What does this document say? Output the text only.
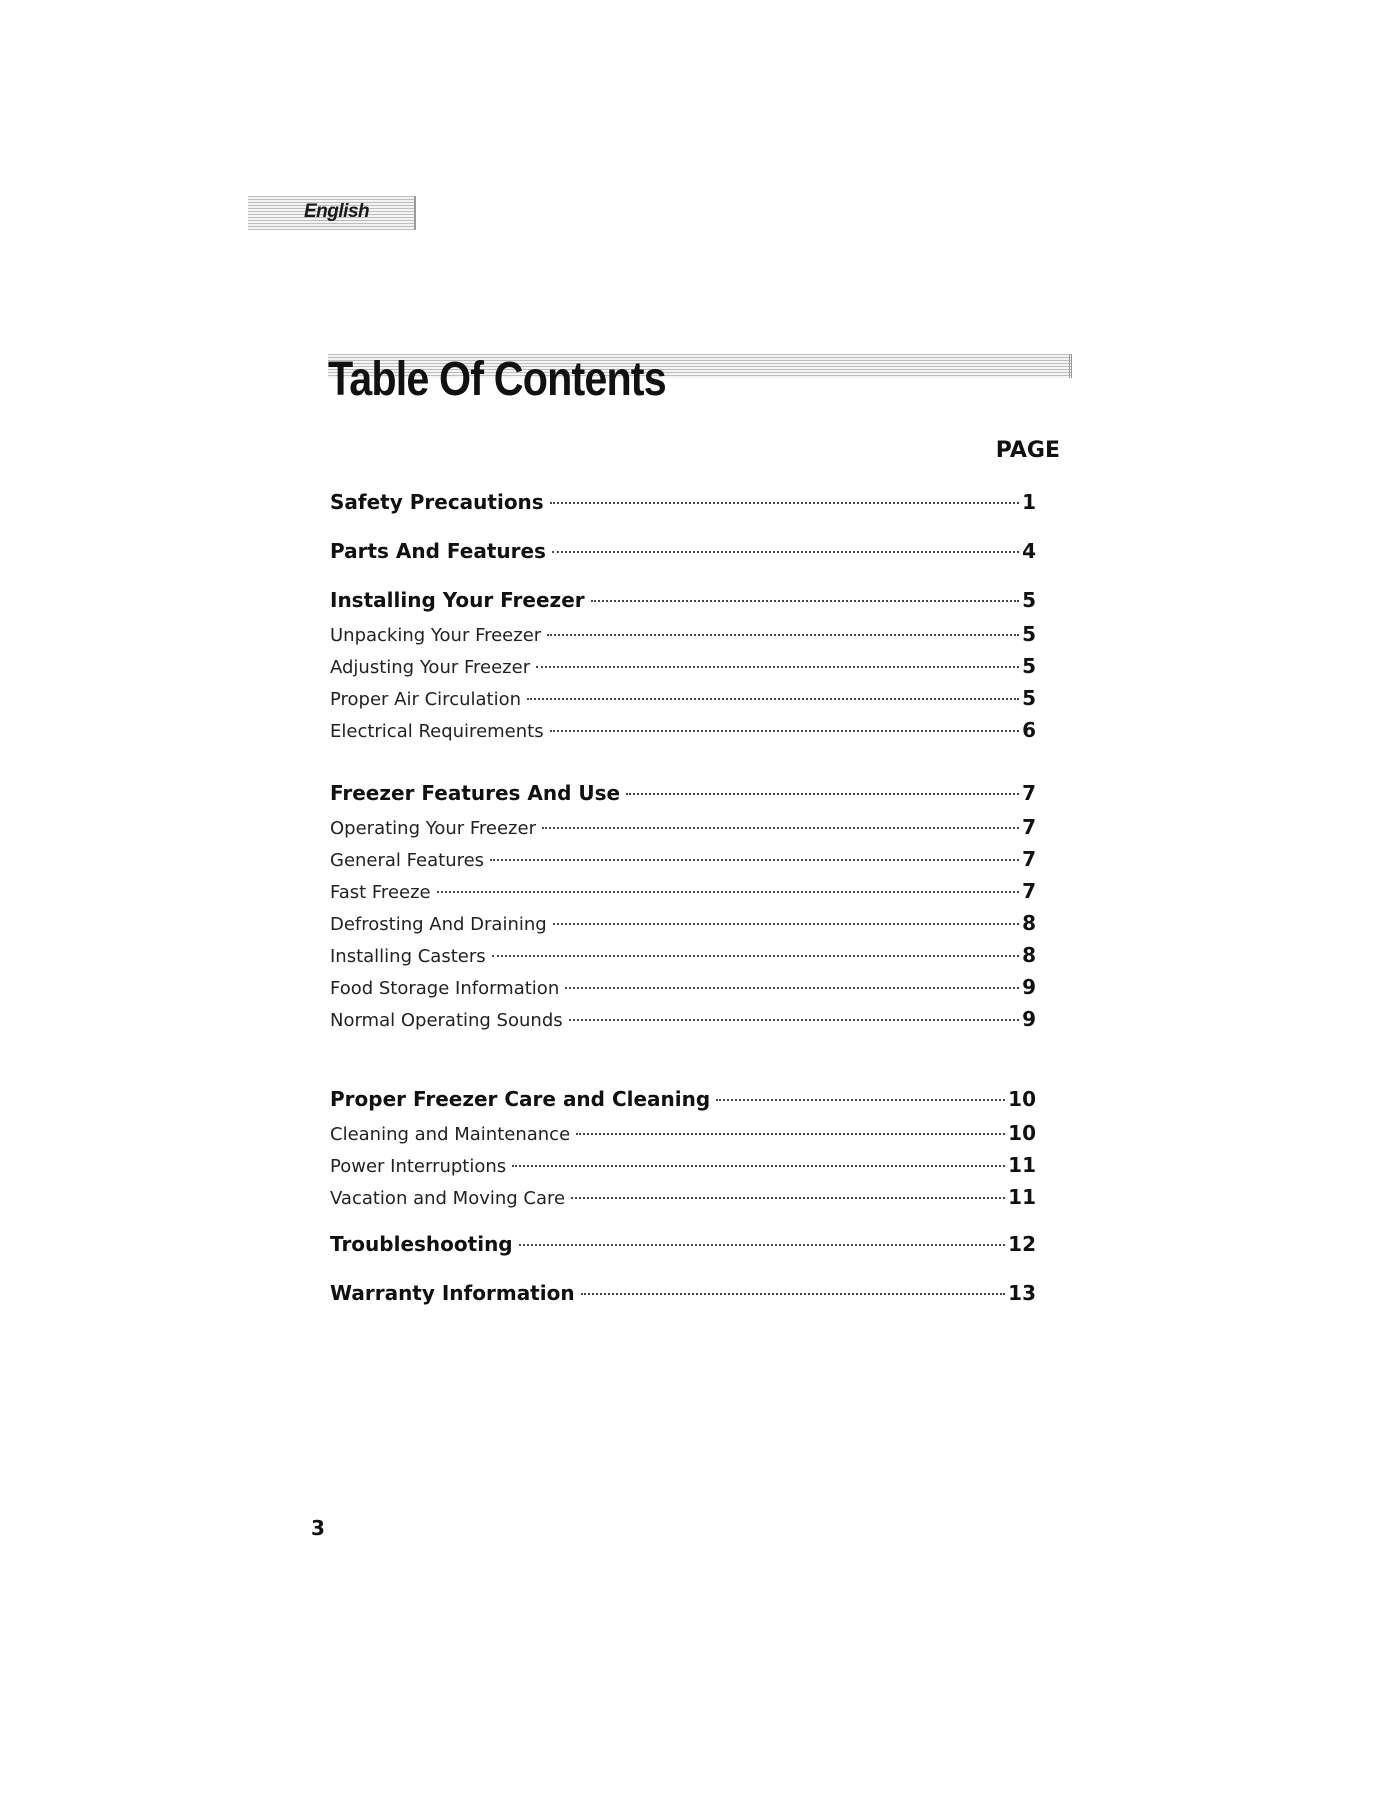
English
Table Of Contents
PAGE
Safety Precautions	1
Parts And Features	4
Installing Your Freezer	5
Unpacking Your Freezer	5
Adjusting Your Freezer	5
Proper Air Circulation	5
Electrical Requirements	6
Freezer Features And Use	7
Operating Your Freezer	7
General Features	7
Fast Freeze	7
Defrosting And Draining	8
Installing Casters	8
Food Storage Information	9
Normal Operating Sounds	9
Proper Freezer Care and Cleaning	10
Cleaning and Maintenance	10
Power Interruptions	11
Vacation and Moving Care	11
Troubleshooting	12
Warranty Information	13
3
